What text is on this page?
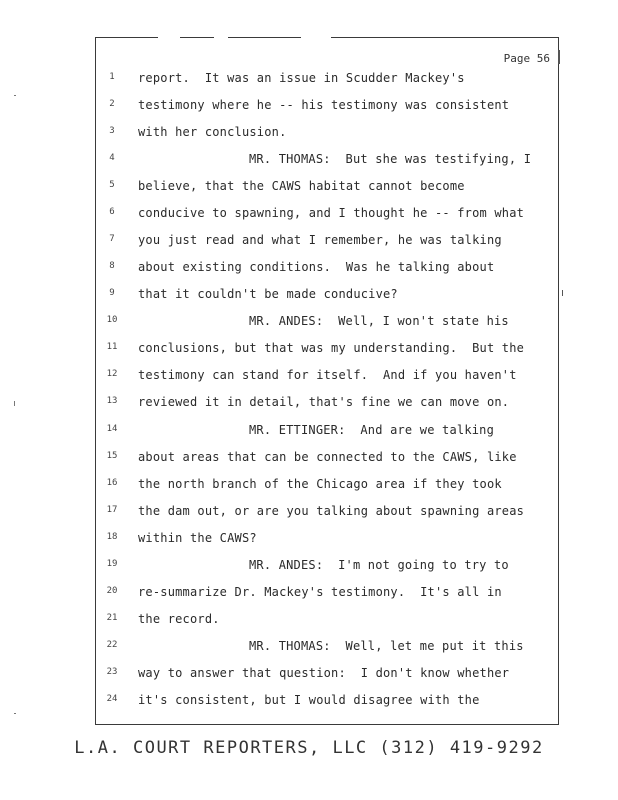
Page 56
1	report.  It was an issue in Scudder Mackey's
2	testimony where he -- his testimony was consistent
3	with her conclusion.
4	MR. THOMAS:  But she was testifying, I
5	believe, that the CAWS habitat cannot become
6	conducive to spawning, and I thought he -- from what
7	you just read and what I remember, he was talking
8	about existing conditions.  Was he talking about
9	that it couldn't be made conducive?
10	MR. ANDES:  Well, I won't state his
11	conclusions, but that was my understanding.  But the
12	testimony can stand for itself.  And if you haven't
13	reviewed it in detail, that's fine we can move on.
14	MR. ETTINGER:  And are we talking
15	about areas that can be connected to the CAWS, like
16	the north branch of the Chicago area if they took
17	the dam out, or are you talking about spawning areas
18	within the CAWS?
19	MR. ANDES:  I'm not going to try to
20	re-summarize Dr. Mackey's testimony.  It's all in
21	the record.
22	MR. THOMAS:  Well, let me put it this
23	way to answer that question:  I don't know whether
24	it's consistent, but I would disagree with the
L.A. COURT REPORTERS, LLC (312) 419-9292
